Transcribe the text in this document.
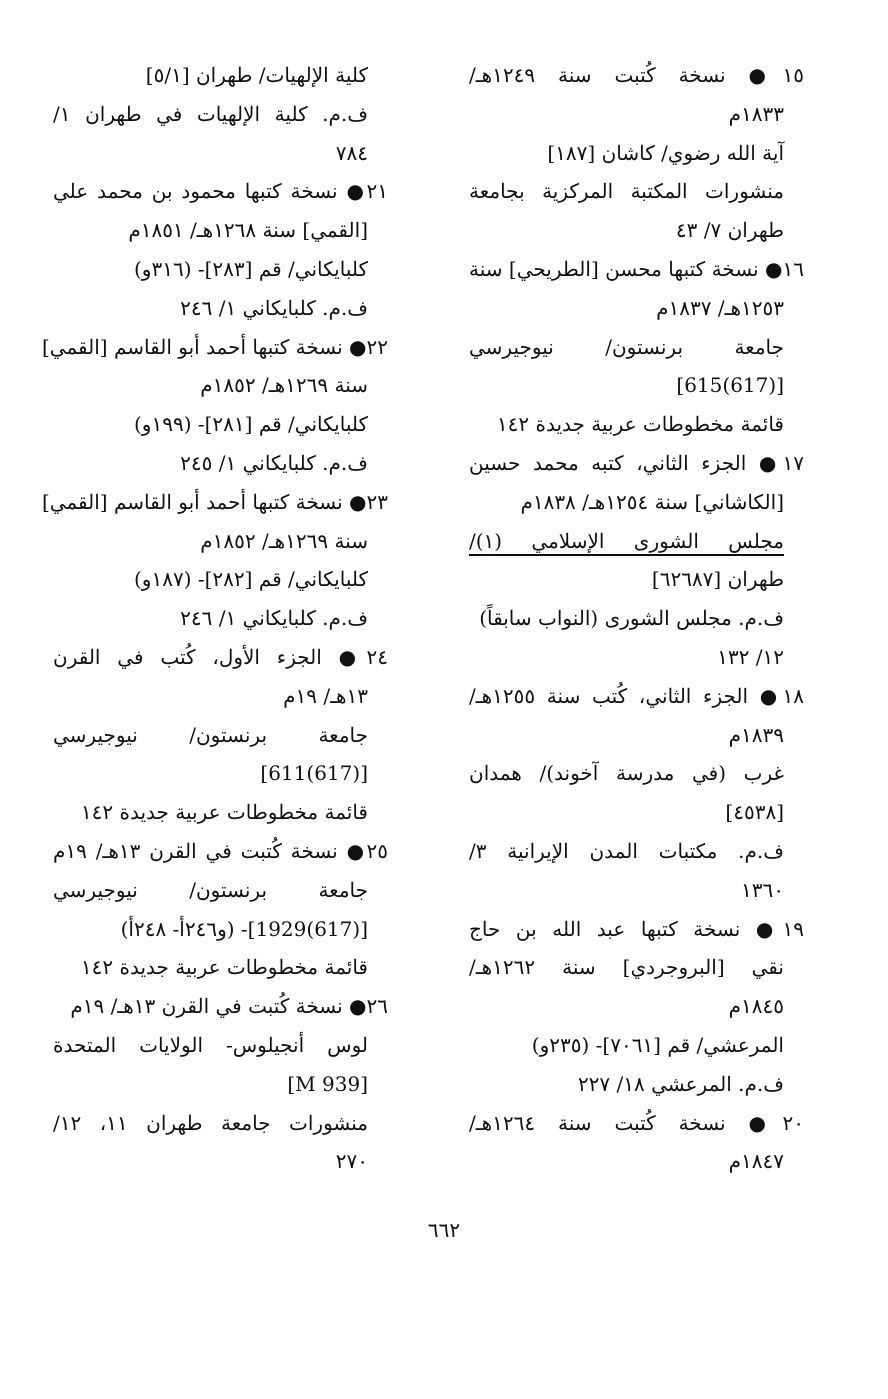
١٥● نسخة كُتبت سنة ١٢٤٩هـ/
١٨٣٣م
آية الله رضوي/ كاشان [١٨٧]
منشورات المكتبة المركزية بجامعة
طهران ٧/ ٤٣
١٦● نسخة كتبها محسن [الطريحي] سنة
١٢٥٣هـ/ ١٨٣٧م
جامعة برنستون/ نيوجيرسي
[(617)615]
قائمة مخطوطات عربية جديدة ١٤٢
١٧● الجزء الثاني، كتبه محمد حسين
[الكاشاني] سنة ١٢٥٤هـ/ ١٨٣٨م
مجلس الشورى الإسلامي (١)/
طهران [٦٢٦٨٧]
ف.م. مجلس الشورى (النواب سابقاً)
١٢/ ١٣٢
١٨● الجزء الثاني، كُتب سنة ١٢٥٥هـ/
١٨٣٩م
غرب (في مدرسة آخوند)/ همدان
[٤٥٣٨]
ف.م. مكتبات المدن الإيرانية ٣/
١٣٦٠
١٩● نسخة كتبها عبد الله بن حاج
نقي [البروجردي] سنة ١٢٦٢هـ/
١٨٤٥م
المرعشي/ قم [٧٠٦١]- (٢٣٥و)
ف.م. المرعشي ١٨/ ٢٢٧
٢٠● نسخة كُتبت سنة ١٢٦٤هـ/
١٨٤٧م
كلية الإلهيات/ طهران [٥/١]
ف.م. كلية الإلهيات في طهران ١/
٧٨٤
٢١● نسخة كتبها محمود بن محمد علي
[القمي] سنة ١٢٦٨هـ/ ١٨٥١م
كلبايكاني/ قم [٢٨٣]- (٣١٦و)
ف.م. كلبايكاني ١/ ٢٤٦
٢٢● نسخة كتبها أحمد أبو القاسم [القمي]
سنة ١٢٦٩هـ/ ١٨٥٢م
كلبايكاني/ قم [٢٨١]- (١٩٩و)
ف.م. كلبايكاني ١/ ٢٤٥
٢٣● نسخة كتبها أحمد أبو القاسم [القمي]
سنة ١٢٦٩هـ/ ١٨٥٢م
كلبايكاني/ قم [٢٨٢]- (١٨٧و)
ف.م. كلبايكاني ١/ ٢٤٦
٢٤● الجزء الأول، كُتب في القرن
١٣هـ/ ١٩م
جامعة برنستون/ نيوجيرسي
[(617)611]
قائمة مخطوطات عربية جديدة ١٤٢
٢٥● نسخة كُتبت في القرن ١٣هـ/ ١٩م
جامعة برنستون/ نيوجيرسي
[(617)1929]- (و٢٤٦أ- ٢٤٨أ)
قائمة مخطوطات عربية جديدة ١٤٢
٢٦● نسخة كُتبت في القرن ١٣هـ/ ١٩م
لوس أنجيلوس- الولايات المتحدة
[M 939]
منشورات جامعة طهران ١١، ١٢/
٢٧٠
٦٦٢
